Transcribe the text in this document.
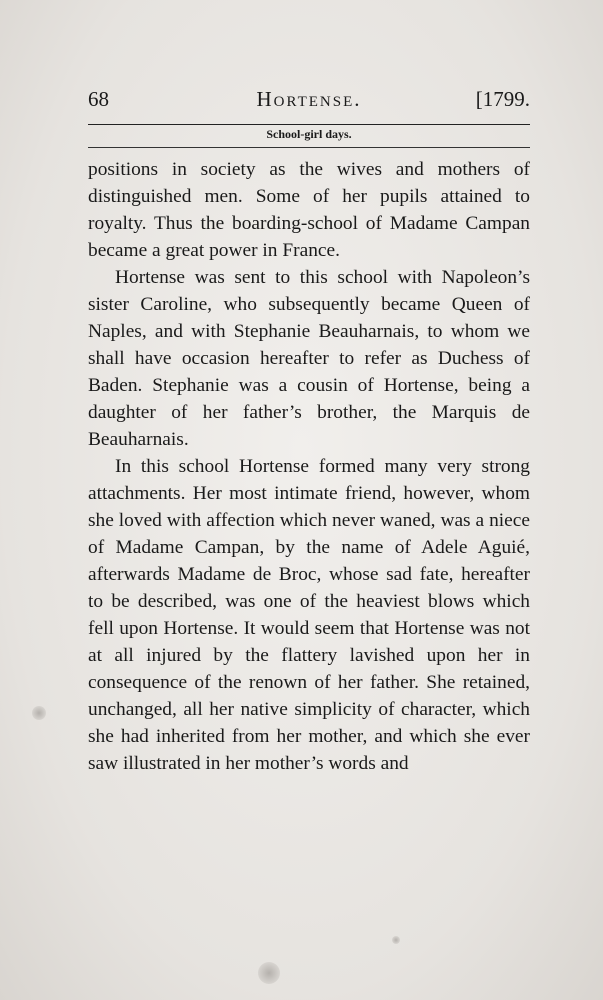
68	Hortense.	[1799.
School-girl days.

positions in society as the wives and mothers of distinguished men. Some of her pupils attained to royalty. Thus the boarding-school of Madame Campan became a great power in France.

Hortense was sent to this school with Napoleon’s sister Caroline, who subsequently became Queen of Naples, and with Stephanie Beauharnais, to whom we shall have occasion hereafter to refer as Duchess of Baden. Stephanie was a cousin of Hortense, being a daughter of her father’s brother, the Marquis de Beauharnais.

In this school Hortense formed many very strong attachments. Her most intimate friend, however, whom she loved with affection which never waned, was a niece of Madame Campan, by the name of Adele Aguié, afterwards Madame de Broc, whose sad fate, hereafter to be described, was one of the heaviest blows which fell upon Hortense. It would seem that Hortense was not at all injured by the flattery lavished upon her in consequence of the renown of her father. She retained, unchanged, all her native simplicity of character, which she had inherited from her mother, and which she ever saw illustrated in her mother’s words and
